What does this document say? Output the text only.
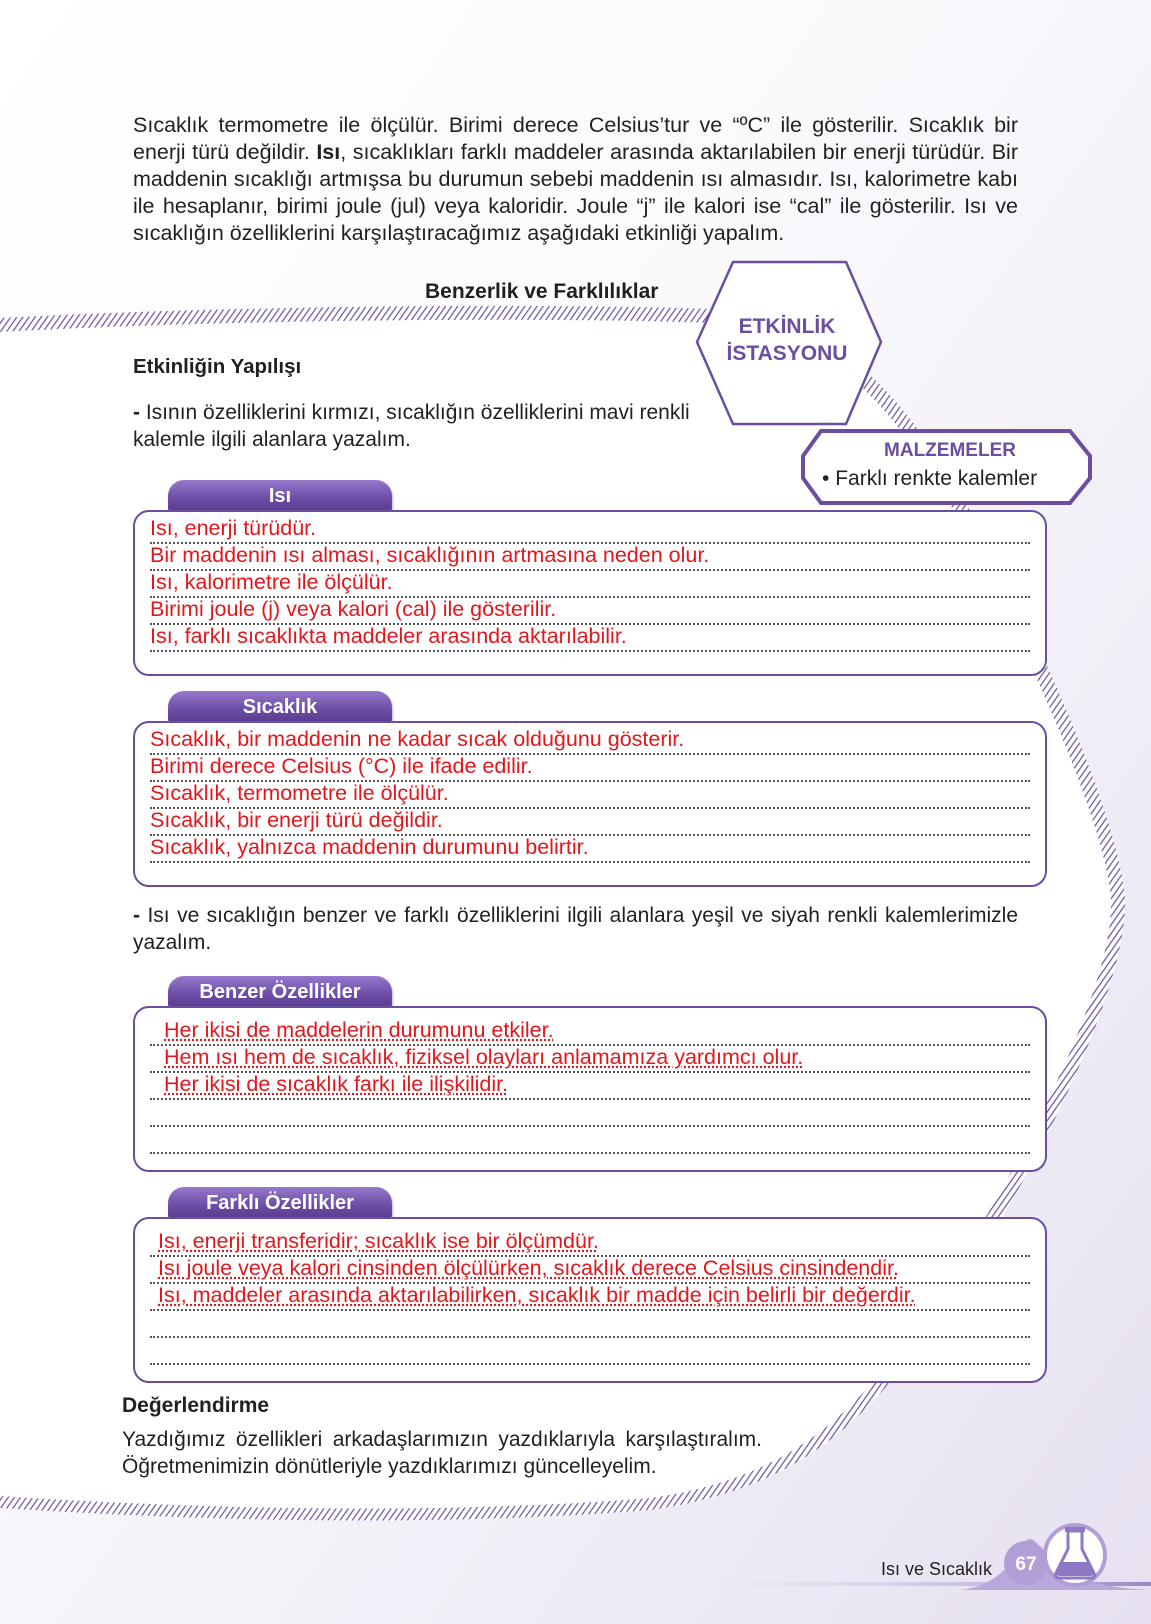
Sıcaklık termometre ile ölçülür. Birimi derece Celsius’tur ve “ºC” ile gösterilir. Sıcaklık bir enerji türü değildir. Isı, sıcaklıkları farklı maddeler arasında aktarılabilen bir enerji türüdür. Bir maddenin sıcaklığı artmışsa bu durumun sebebi maddenin ısı almasıdır. Isı, kalorimetre kabı ile hesaplanır, birimi joule (jul) veya kaloridir. Joule “j” ile kalori ise “cal” ile gösterilir. Isı ve sıcaklığın özelliklerini karşılaştıracağımız aşağıdaki etkinliği yapalım.
Benzerlik ve Farklılıklar
ETKİNLİK
İSTASYONU
Etkinliğin Yapılışı
- Isının özelliklerini kırmızı, sıcaklığın özelliklerini mavi renkli kalemle ilgili alanlara yazalım.	MALZEMELER
• Farklı renkte kalemler
Isı
Isı, enerji türüdür.
Bir maddenin ısı alması, sıcaklığının artmasına neden olur.
Isı, kalorimetre ile ölçülür.
Birimi joule (j) veya kalori (cal) ile gösterilir.
Isı, farklı sıcaklıkta maddeler arasında aktarılabilir.
Sıcaklık
Sıcaklık, bir maddenin ne kadar sıcak olduğunu gösterir.
Birimi derece Celsius (°C) ile ifade edilir.
Sıcaklık, termometre ile ölçülür.
Sıcaklık, bir enerji türü değildir.
Sıcaklık, yalnızca maddenin durumunu belirtir.
- Isı ve sıcaklığın benzer ve farklı özelliklerini ilgili alanlara yeşil ve siyah renkli kalemlerimizle yazalım.
Benzer Özellikler
Her ikisi de maddelerin durumunu etkiler.
Hem ısı hem de sıcaklık, fiziksel olayları anlamamıza yardımcı olur.
Her ikisi de sıcaklık farkı ile ilişkilidir.
Farklı Özellikler
Isı, enerji transferidir; sıcaklık ise bir ölçümdür.
Isı joule veya kalori cinsinden ölçülürken, sıcaklık derece Celsius cinsindendir.
Isı, maddeler arasında aktarılabilirken, sıcaklık bir madde için belirli bir değerdir.
Değerlendirme
Yazdığımız özellikleri arkadaşlarımızın yazdıklarıyla karşılaştıralım. Öğretmenimizin dönütleriyle yazdıklarımızı güncelleyelim.
Isı ve Sıcaklık 67
